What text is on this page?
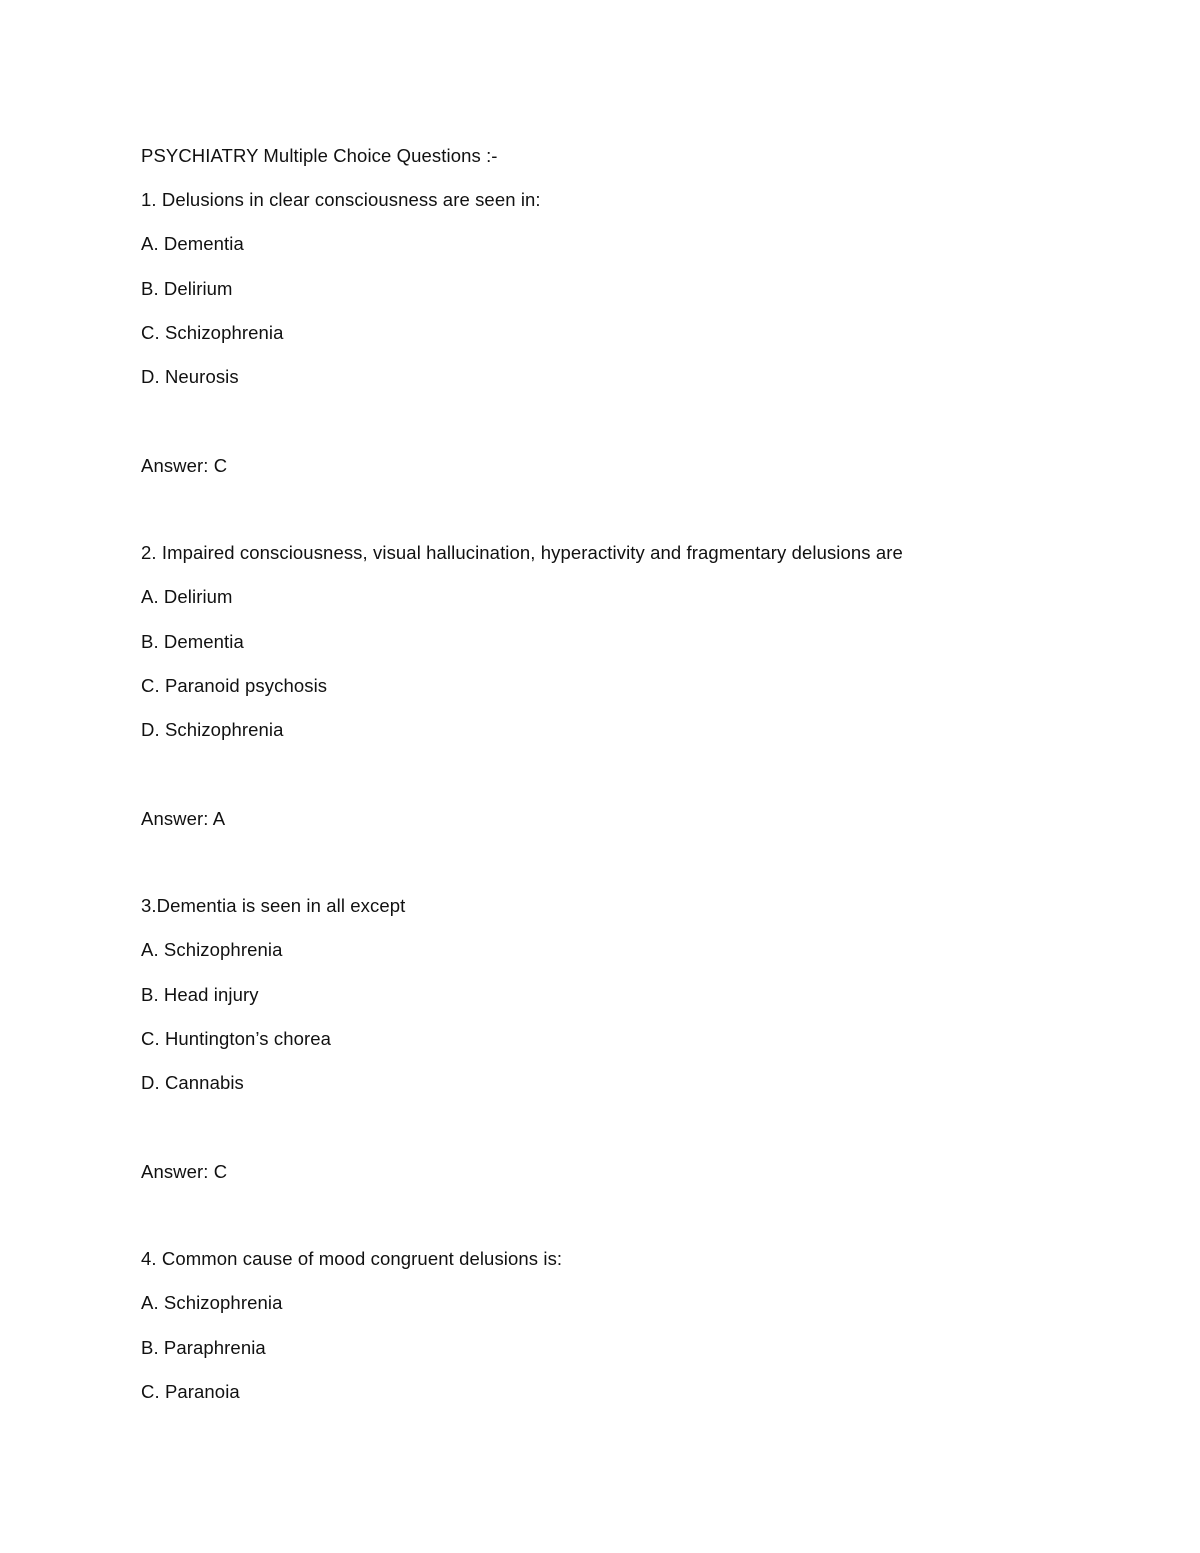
PSYCHIATRY Multiple Choice Questions :-
1. Delusions in clear consciousness are seen in:
A. Dementia
B. Delirium
C. Schizophrenia
D. Neurosis
Answer: C
2. Impaired consciousness, visual hallucination, hyperactivity and fragmentary delusions are
A. Delirium
B. Dementia
C. Paranoid psychosis
D. Schizophrenia
Answer: A
3.Dementia is seen in all except
A. Schizophrenia
B. Head injury
C. Huntington’s chorea
D. Cannabis
Answer: C
4. Common cause of mood congruent delusions is:
A. Schizophrenia
B. Paraphrenia
C. Paranoia
